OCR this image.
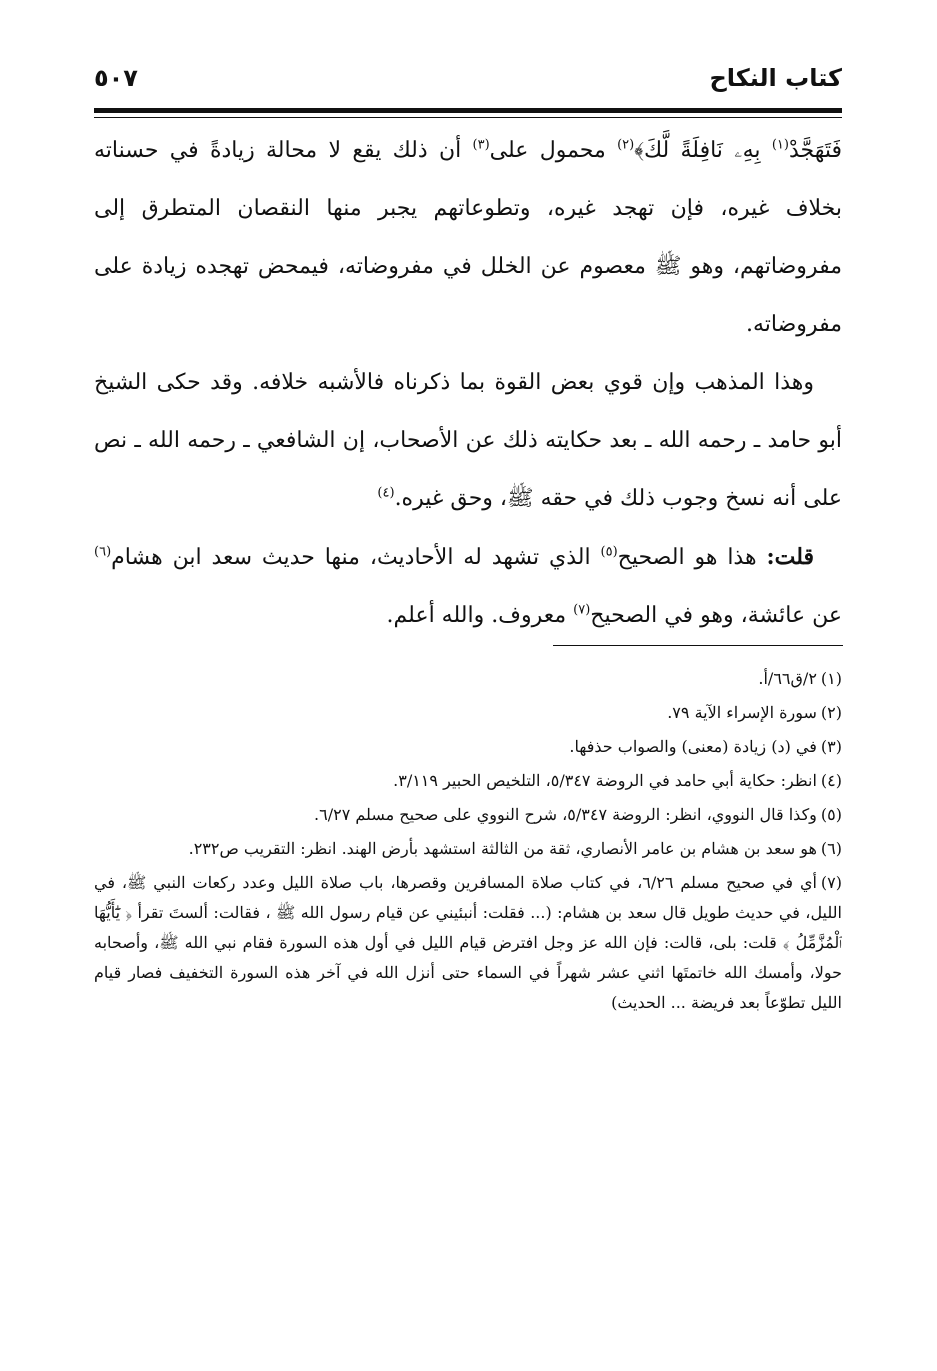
كتاب النكاح
٥٠٧

فَتَهَجَّدْ$^{(١)}$ بِهِۦ نَافِلَةً لَّكَ﴾$^{(٢)}$ محمول على$^{(٣)}$ أن ذلك يقع لا محالة زيادةً في حسناته بخلاف غيره، فإن تهجد غيره، وتطوعاتهم يجبر منها النقصان المتطرق إلى مفروضاتهم، وهو ﷺ معصوم عن الخلل في مفروضاته، فيمحض تهجده زيادة على مفروضاته.

وهذا المذهب وإن قوي بعض القوة بما ذكرناه فالأشبه خلافه. وقد حكى الشيخ أبو حامد ـ رحمه الله ـ بعد حكايته ذلك عن الأصحاب، إن الشافعي ـ رحمه الله ـ نص على أنه نسخ وجوب ذلك في حقه ﷺ، وحق غيره.$^{(٤)}$

قلت: هذا هو الصحيح$^{(٥)}$ الذي تشهد له الأحاديث، منها حديث سعد ابن هشام$^{(٦)}$ عن عائشة، وهو في الصحيح$^{(٧)}$ معروف. والله أعلم.

(١)٢/ق٦٦/أ.

(٢)سورة الإسراء الآية ٧٩.

(٣)في (د) زيادة (معنى) والصواب حذفها.

(٤)انظر: حكاية أبي حامد في الروضة ٥/٣٤٧، التلخيص الحبير ٣/١١٩.

(٥)وكذا قال النووي، انظر: الروضة ٥/٣٤٧، شرح النووي على صحيح مسلم ٦/٢٧.

(٦)هو سعد بن هشام بن عامر الأنصاري، ثقة من الثالثة استشهد بأرض الهند. انظر: التقريب ص٢٣٢.

(٧)أي في صحيح مسلم ٦/٢٦، في كتاب صلاة المسافرين وقصرها، باب صلاة الليل وعدد ركعات النبي ﷺ، في الليل، في حديث طويل قال سعد بن هشام: (... فقلت: أنبئيني عن قيام رسول الله ﷺ ، فقالت: ألستَ تقرأ ﴿ يَٰٓأَيُّهَا ٱلْمُزَّمِّلُ ﴾ قلت: بلى، قالت: فإن الله عز وجل افترض قيام الليل في أول هذه السورة فقام نبي الله ﷺ، وأصحابه حولا، وأمسك الله خاتمتَها اثني عشر شهراً في السماء حتى أنزل الله في آخر هذه السورة التخفيف فصار قيام الليل تطوّعاً بعد فريضة ... الحديث)
